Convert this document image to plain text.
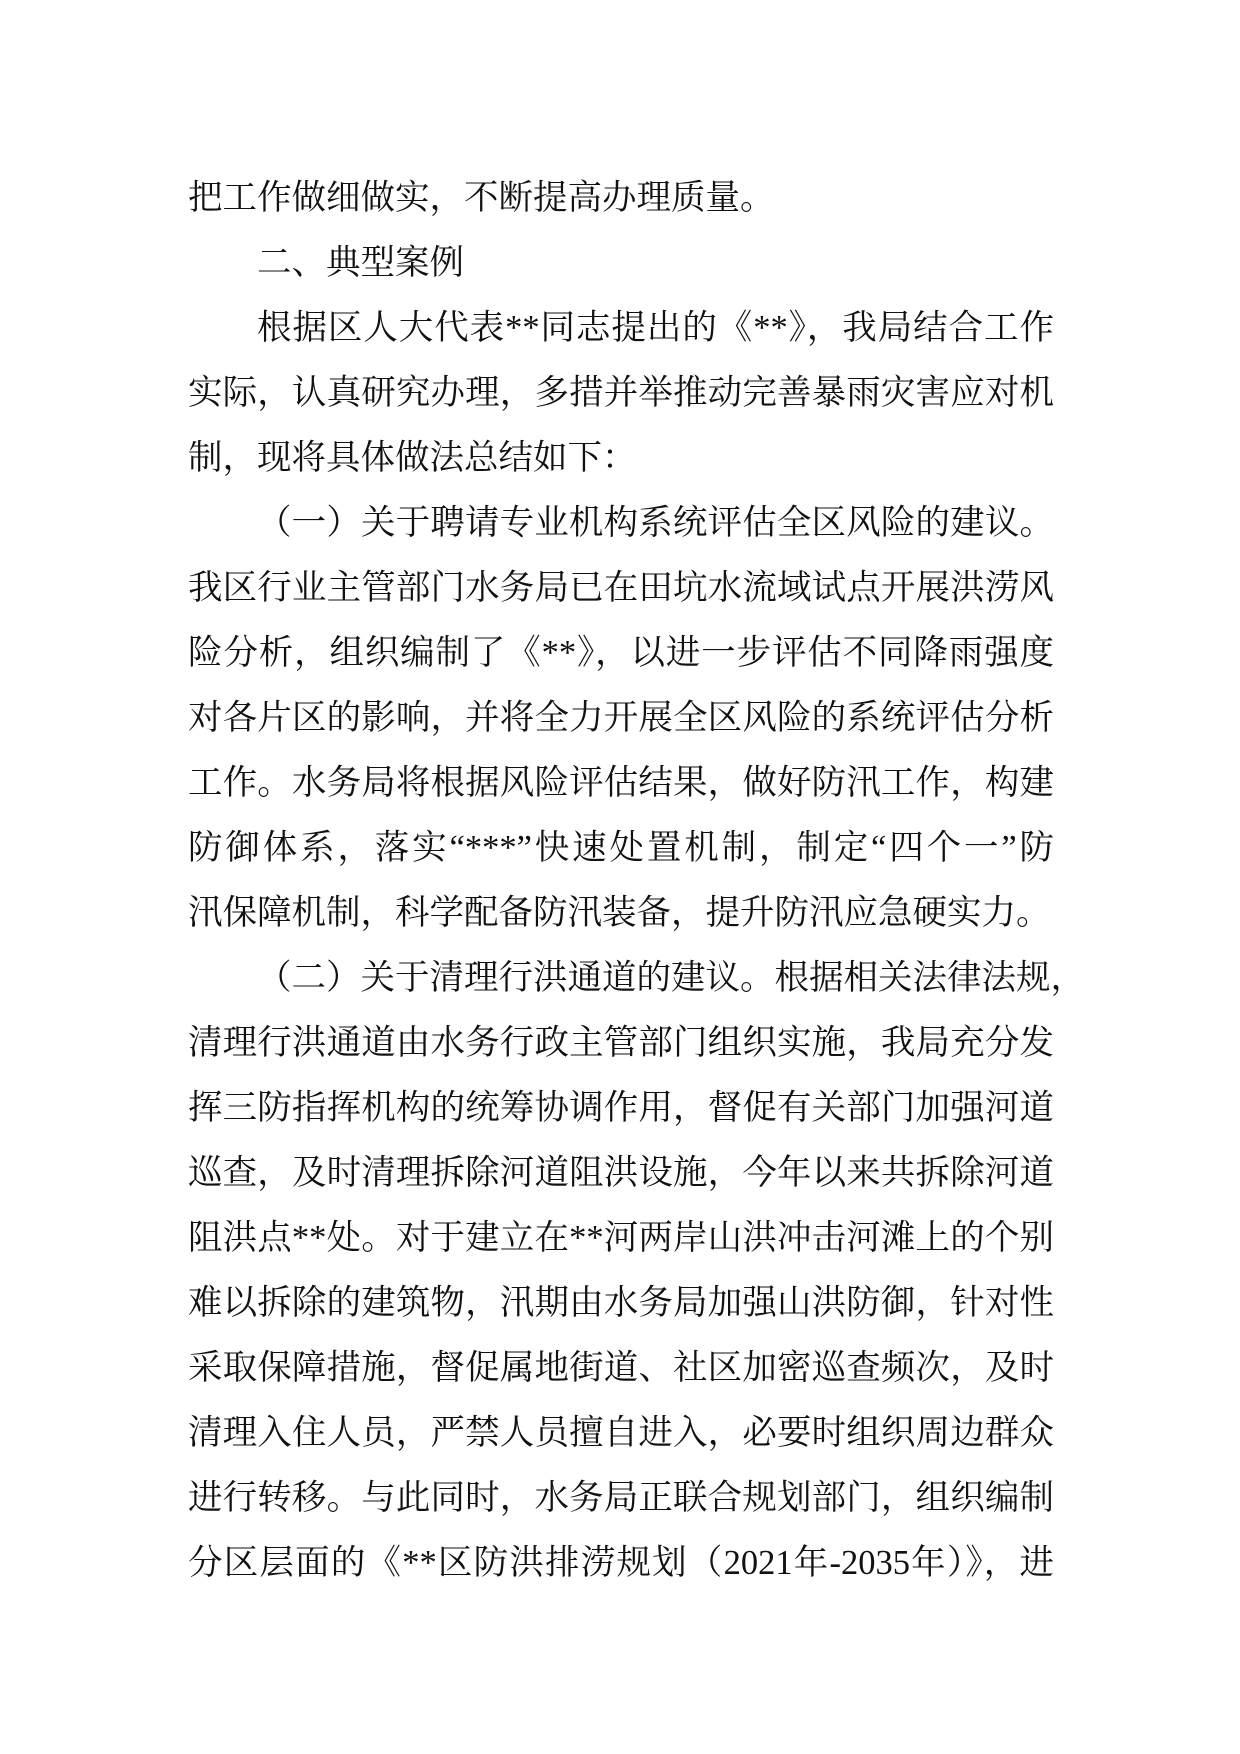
把工作做细做实，不断提高办理质量。
二、典型案例
根据区人大代表**同志提出的《**》，我局结合工作
实际，认真研究办理，多措并举推动完善暴雨灾害应对机
制，现将具体做法总结如下：
（一）关于聘请专业机构系统评估全区风险的建议。
我区行业主管部门水务局已在田坑水流域试点开展洪涝风
险分析，组织编制了《**》，以进一步评估不同降雨强度
对各片区的影响，并将全力开展全区风险的系统评估分析
工作。水务局将根据风险评估结果，做好防汛工作，构建
防御体系，落实“***”快速处置机制，制定“四个一”防
汛保障机制，科学配备防汛装备，提升防汛应急硬实力。
（二）关于清理行洪通道的建议。根据相关法律法规，
清理行洪通道由水务行政主管部门组织实施，我局充分发
挥三防指挥机构的统筹协调作用，督促有关部门加强河道
巡查，及时清理拆除河道阻洪设施，今年以来共拆除河道
阻洪点**处。对于建立在**河两岸山洪冲击河滩上的个别
难以拆除的建筑物，汛期由水务局加强山洪防御，针对性
采取保障措施，督促属地街道、社区加密巡查频次，及时
清理入住人员，严禁人员擅自进入，必要时组织周边群众
进行转移。与此同时，水务局正联合规划部门，组织编制
分区层面的《**区防洪排涝规划（2021年-2035年）》，进
